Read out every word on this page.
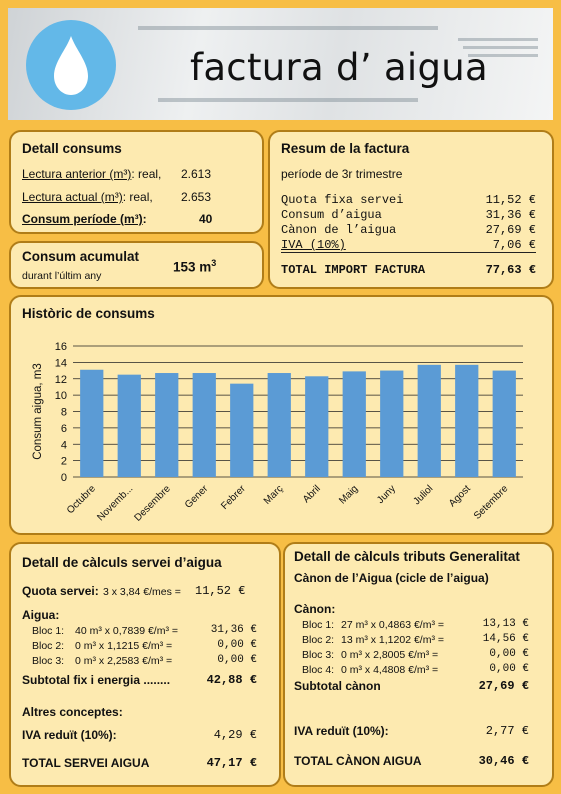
factura d’ aigua
Detall consums
Lectura anterior (m³): real, 2.613
Lectura actual (m³): real, 2.653
Consum període (m³):	40
Consum acumulat
durant l’últim any
153 $m^3$
Resum de la factura
període de 3r trimestre
Quota fixa servei	11,52 €
Consum d’aigua	31,36 €
Cànon de l’aigua	27,69 €
IVA (10%)	7,06 €
TOTAL IMPORT FACTURA	77,63 €
Històric de consums
0
2
4
6
8
10
12
14
16
Consum aigua, m3
Octubre
Novemb...
Desembre Gener Febrer Març Abril Maig Juny Juliol Agost Setembre
Detall de càlculs servei d’aigua
Quota servei: 3 x 3,84 €/mes = 11,52 €
Aigua:
Bloc 1: 40 m³ x 0,7839 €/m³ =	31,36 €
Bloc 2: 0 m³ x 1,1215 €/m³ =	0,00 €
Bloc 3: 0 m³ x 2,2583 €/m³ =	0,00 €
Subtotal fix i energia ........	42,88 €
Altres conceptes:
IVA reduït (10%):	4,29 €
TOTAL SERVEI AIGUA	47,17 €
Detall de càlculs tributs Generalitat
Cànon de l’Aigua (cicle de l’aigua)
Cànon:
Bloc 1: 27 m³ x 0,4863 €/m³ =	13,13 €
Bloc 2: 13 m³ x 1,1202 €/m³ =	14,56 €
Bloc 3: 0 m³ x 2,8005 €/m³ =	0,00 €
Bloc 4: 0 m³ x 4,4808 €/m³ =	0,00 €
Subtotal cànon	27,69 €
IVA reduït (10%):	2,77 €
TOTAL CÀNON AIGUA	30,46 €
